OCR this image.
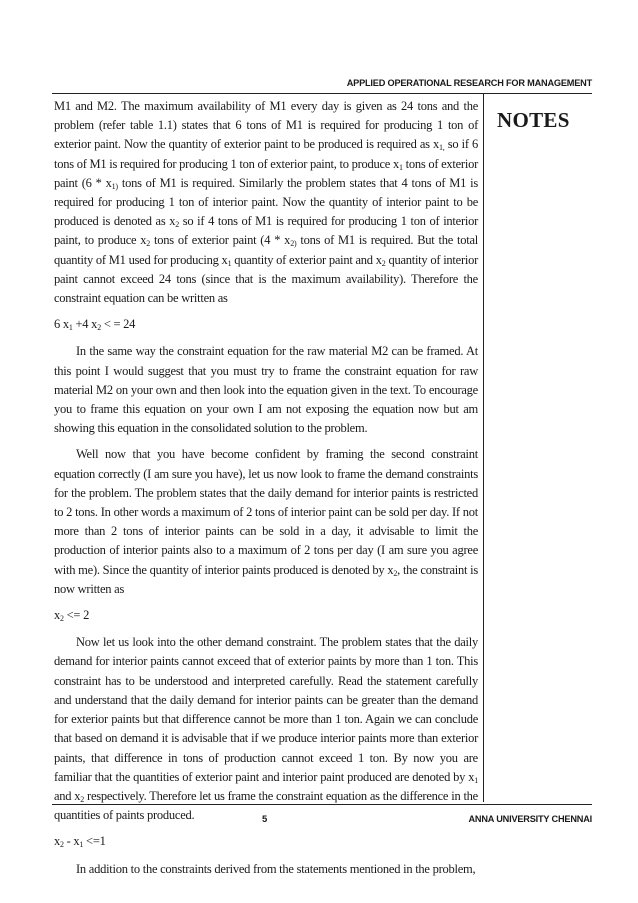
APPLIED OPERATIONAL RESEARCH FOR MANAGEMENT
NOTES

M1 and M2. The maximum availability of M1 every day is given as 24 tons and the problem (refer table 1.1) states that 6 tons of M1 is required for producing 1 ton of exterior paint. Now the quantity of exterior paint to be produced is required as $x_{1,}$ so if 6 tons of M1 is required for producing 1 ton of exterior paint, to produce $x_1$ tons of exterior paint ($6 * x_{1)}$ tons of M1 is required. Similarly the problem states that 4 tons of M1 is required for producing 1 ton of interior paint. Now the quantity of interior paint to be produced is denoted as $x_2$ so if 4 tons of M1 is required for producing 1 ton of interior paint, to produce $x_2$ tons of exterior paint ($4 * x_{2)}$ tons of M1 is required. But the total quantity of M1 used for producing $x_1$ quantity of exterior paint and $x_2$ quantity of interior paint cannot exceed 24 tons (since that is the maximum availability). Therefore the constraint equation can be written as

6 $x_1 +4$ $x_2$ < = 24

In the same way the constraint equation for the raw material M2 can be framed. At this point I would suggest that you must try to frame the constraint equation for raw material M2 on your own and then look into the equation given in the text. To encourage you to frame this equation on your own I am not exposing the equation now but am showing this equation in the consolidated solution to the problem.

Well now that you have become confident by framing the second constraint equation correctly (I am sure you have), let us now look to frame the demand constraints for the problem. The problem states that the daily demand for interior paints is restricted to 2 tons. In other words a maximum of 2 tons of interior paint can be sold per day. If not more than 2 tons of interior paints can be sold in a day, it advisable to limit the production of interior paints also to a maximum of 2 tons per day (I am sure you agree with me). Since the quantity of interior paints produced is denoted by $x_2$, the constraint is now written as

$x_2 <= 2$

Now let us look into the other demand constraint. The problem states that the daily demand for interior paints cannot exceed that of exterior paints by more than 1 ton. This constraint has to be understood and interpreted carefully. Read the statement carefully and understand that the daily demand for interior paints can be greater than the demand for exterior paints but that difference cannot be more than 1 ton. Again we can conclude that based on demand it is advisable that if we produce interior paints more than exterior paints, that difference in tons of production cannot exceed 1 ton. By now you are familiar that the quantities of exterior paint and interior paint produced are denoted by $x_1$ and $x_2$ respectively. Therefore let us frame the constraint equation as the difference in the quantities of paints produced.

$x_2 - x_1 <=1$

In addition to the constraints derived from the statements mentioned in the problem,

5	ANNA UNIVERSITY CHENNAI
